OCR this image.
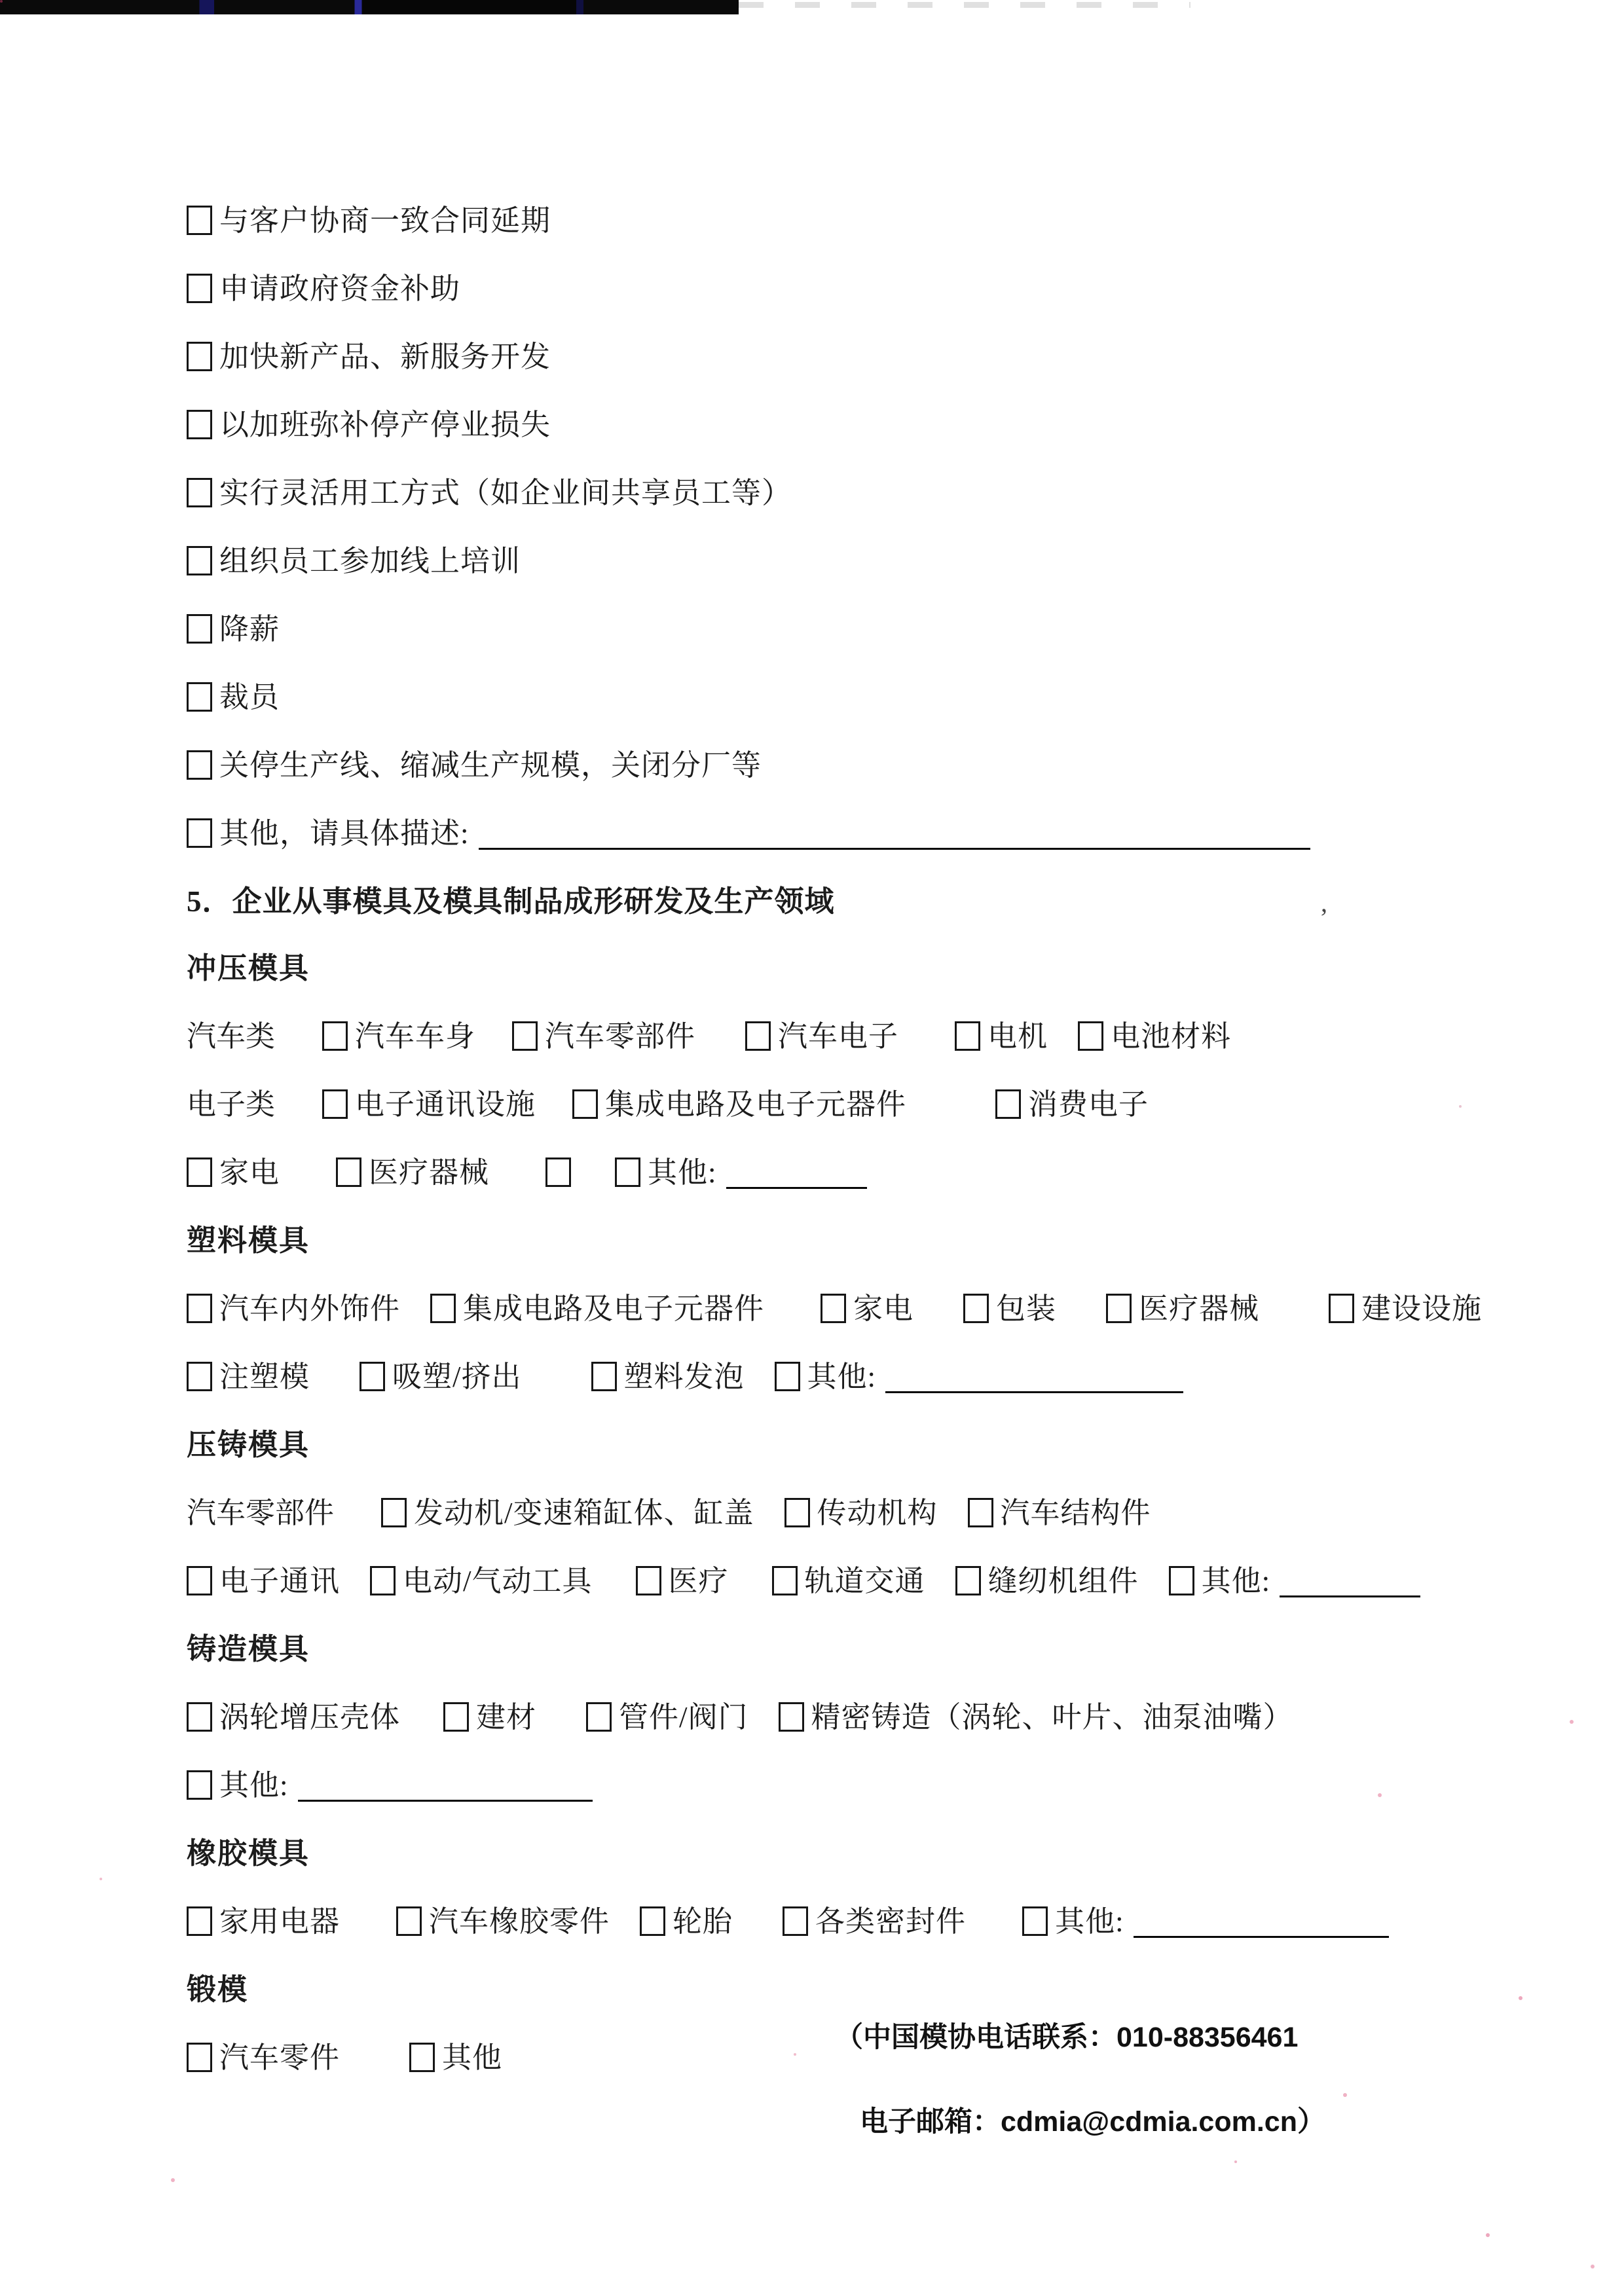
’
与客户协商一致合同延期
申请政府资金补助
加快新产品、新服务开发
以加班弥补停产停业损失
实行灵活用工方式（如企业间共享员工等）
组织员工参加线上培训
降薪
裁员
关停生产线、缩减生产规模，关闭分厂等
其他，请具体描述:
5．企业从事模具及模具制品成形研发及生产领域
冲压模具
汽车类	汽车车身 汽车零部件	汽车电子	电机 电池材料
电子类	电子通讯设施 集成电路及电子元器件	消费电子
家电	医疗器械	其他:
塑料模具
汽车内外饰件 集成电路及电子元器件	家电	包装	医疗器械	建设设施
注塑模	吸塑/挤出	塑料发泡 其他:
压铸模具
汽车零部件	发动机/变速箱缸体、缸盖 传动机构 汽车结构件
电子通讯 电动/气动工具	医疗	轨道交通 缝纫机组件 其他:
铸造模具
涡轮增压壳体	建材	管件/阀门 精密铸造（涡轮、叶片、油泵油嘴）
其他:
橡胶模具
家用电器	汽车橡胶零件 轮胎	各类密封件	其他:
锻模
汽车零件	其他
（中国模协电话联系：010-88356461
电子邮箱：cdmia@cdmia.com.cn）
